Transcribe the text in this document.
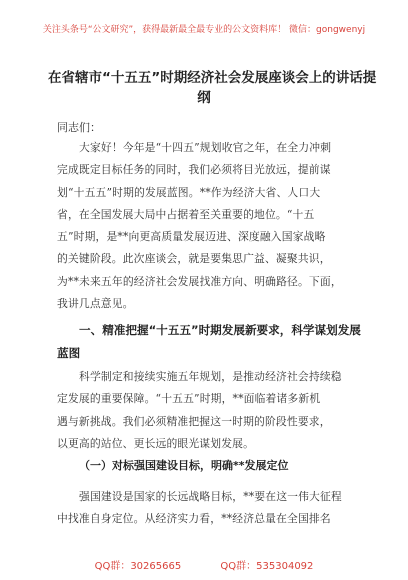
关注头条号“公文研究”，获得最新最全最专业的公文资料库！ 微信：gongwenyj
在省辖市“十五五”时期经济社会发展座谈会上的讲话提
纲
同志们：
大家好！今年是“十四五”规划收官之年，在全力冲刺
完成既定目标任务的同时，我们必须将目光放远，提前谋
划“十五五”时期的发展蓝图。**作为经济大省、人口大
省，在全国发展大局中占据着至关重要的地位。“十五
五”时期，是**向更高质量发展迈进、深度融入国家战略
的关键阶段。此次座谈会，就是要集思广益、凝聚共识，
为**未来五年的经济社会发展找准方向、明确路径。下面，
我讲几点意见。
一、精准把握“十五五”时期发展新要求，科学谋划发展
蓝图
科学制定和接续实施五年规划，是推动经济社会持续稳
定发展的重要保障。“十五五”时期，**面临着诸多新机
遇与新挑战。我们必须精准把握这一时期的阶段性要求，
以更高的站位、更长远的眼光谋划发展。
（一）对标强国建设目标，明确**发展定位
强国建设是国家的长远战略目标，**要在这一伟大征程
中找准自身定位。从经济实力看，**经济总量在全国排名
QQ群：30265665	QQ群：535304092
